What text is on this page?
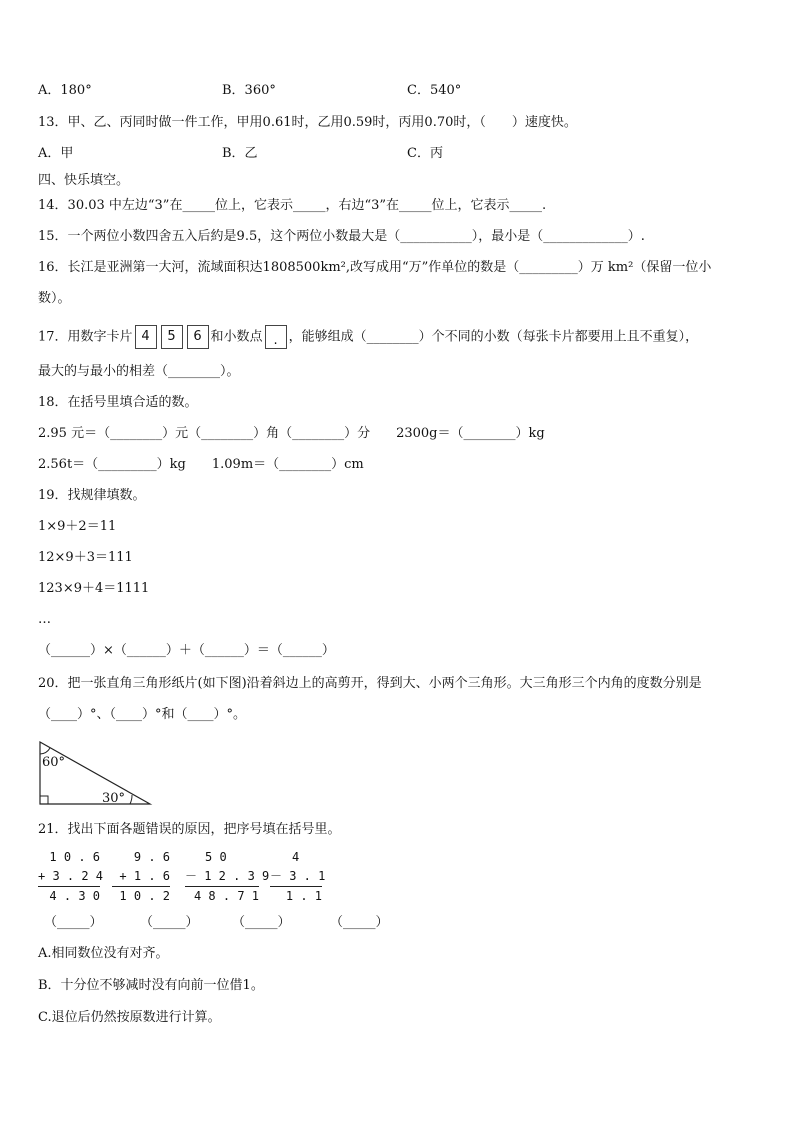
A．180°	B．360°	C．540°
13．甲、乙、丙同时做一件工作，甲用0.61时，乙用0.59时，丙用0.70时，（　　）速度快。
A．甲	B．乙	C．丙
四、快乐填空。
14．30.03 中左边“3”在_____位上，它表示_____，右边“3”在_____位上，它表示_____.
15．一个两位小数四舍五入后約是9.5，这个两位小数最大是（___________），最小是（_____________）.
16．长江是亚洲第一大河，流域面积达1808500km²,改写成用“万”作单位的数是（_________）万 km²（保留一位小
数）。
17．用数字卡片 4 5 6 和小数点 . ，能够组成（________）个不同的小数（每张卡片都要用上且不重复），
最大的与最小的相差（________）。
18．在括号里填合适的数。
2.95 元＝（________）元（________）角（________）分　　2300g＝（________）kg
2.56t＝（_________）kg　　1.09m＝（________）cm
19．找规律填数。
1×9＋2＝11
12×9＋3＝111
123×9＋4＝1111
…
（______）×（______）＋（______）＝（______）
20．把一张直角三角形纸片(如下图)沿着斜边上的高剪开，得到大、小两个三角形。大三角形三个内角的度数分别是
（____）°、（____）°和（____）°。
60°
30°
21．找出下面各题错误的原因，把序号填在括号里。
1 0 . 6
+ 3 . 2 4
4 . 3 0
9 . 6
+ 1 . 6
1 0 . 2
5 0
－ 1 2 . 3 9
4 8 . 7 1
4
－ 3 . 1
1 . 1
（_____）	（_____）	（_____）	（_____）
A.相同数位没有对齐。
B．十分位不够减时没有向前一位借1。
C.退位后仍然按原数进行计算。
